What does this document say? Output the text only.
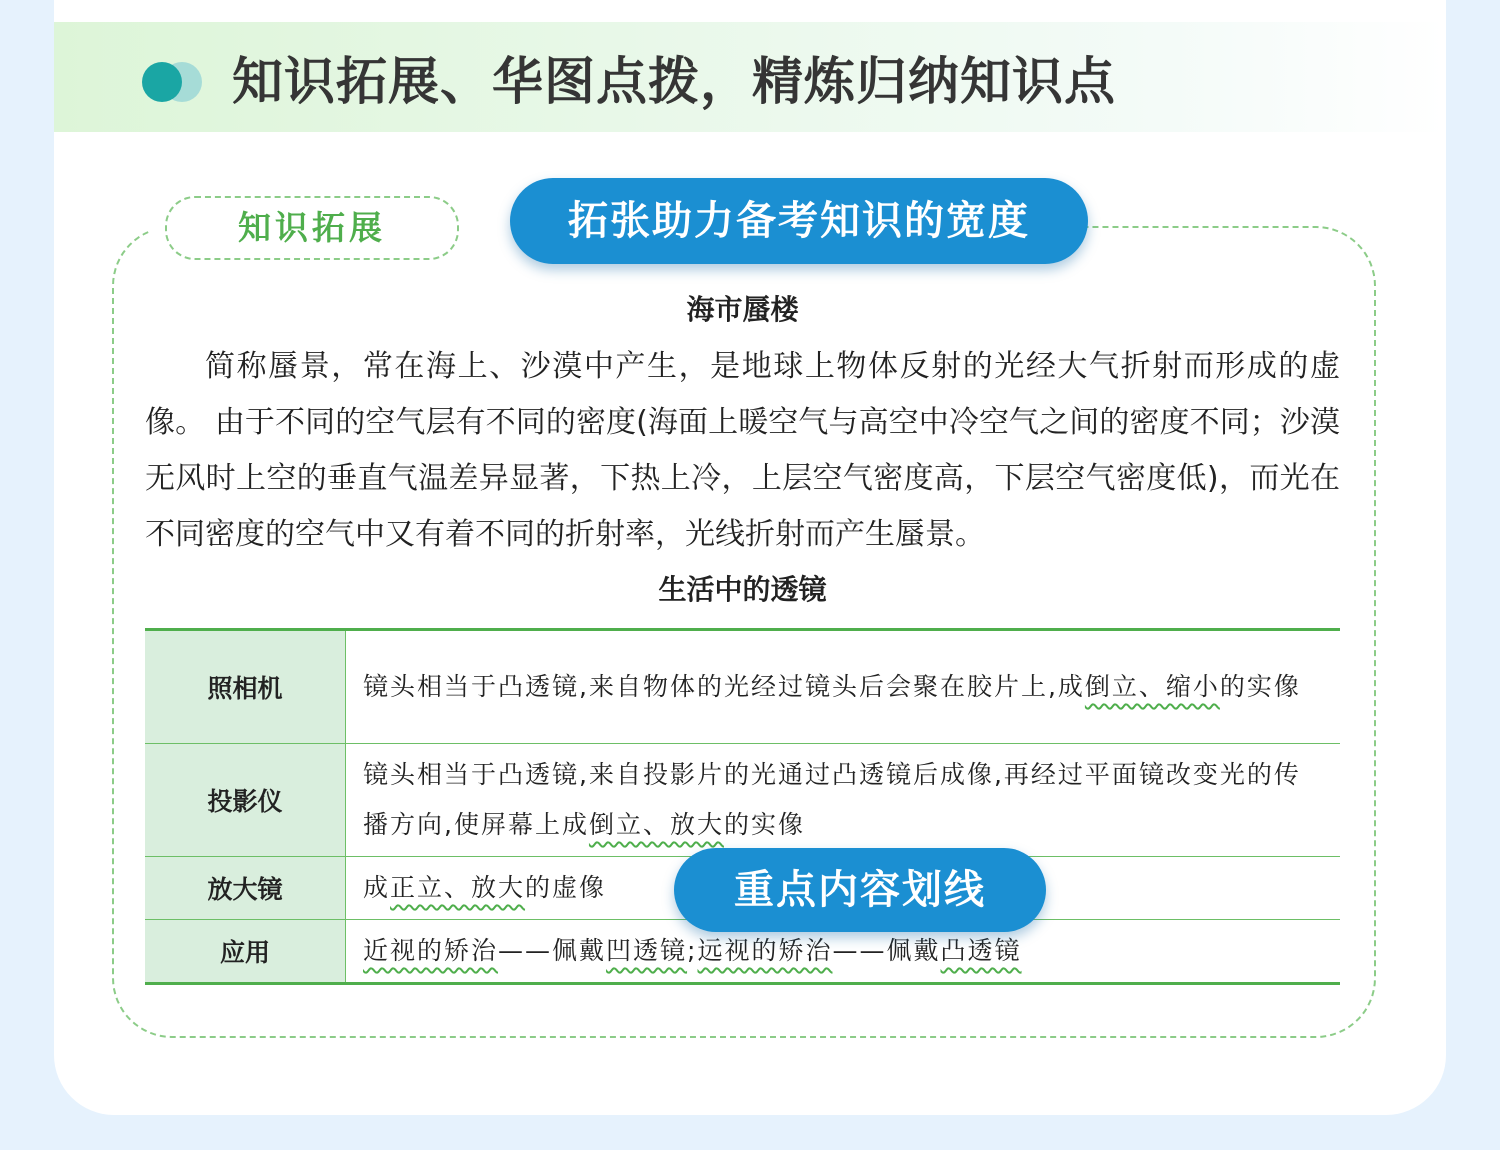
知识拓展、华图点拨，精炼归纳知识点
知识拓展	拓张助力备考知识的宽度
海市蜃楼

简称蜃景，常在海上、沙漠中产生，是地球上物体反射的光经大气折射而形成的虚像。 由于不同的空气层有不同的密度(海面上暖空气与高空中冷空气之间的密度不同；沙漠无风时上空的垂直气温差异显著，下热上冷，上层空气密度高，下层空气密度低)，而光在不同密度的空气中又有着不同的折射率，光线折射而产生蜃景。

生活中的透镜
照相机	镜头相当于凸透镜,来自物体的光经过镜头后会聚在胶片上,成倒立、缩小的实像
投影仪	镜头相当于凸透镜,来自投影片的光通过凸透镜后成像,再经过平面镜改变光的传播方向,使屏幕上成倒立、放大的实像
放大镜	成正立、放大的虚像
应用	近视的矫治——佩戴凹透镜;远视的矫治——佩戴凸透镜
重点内容划线
